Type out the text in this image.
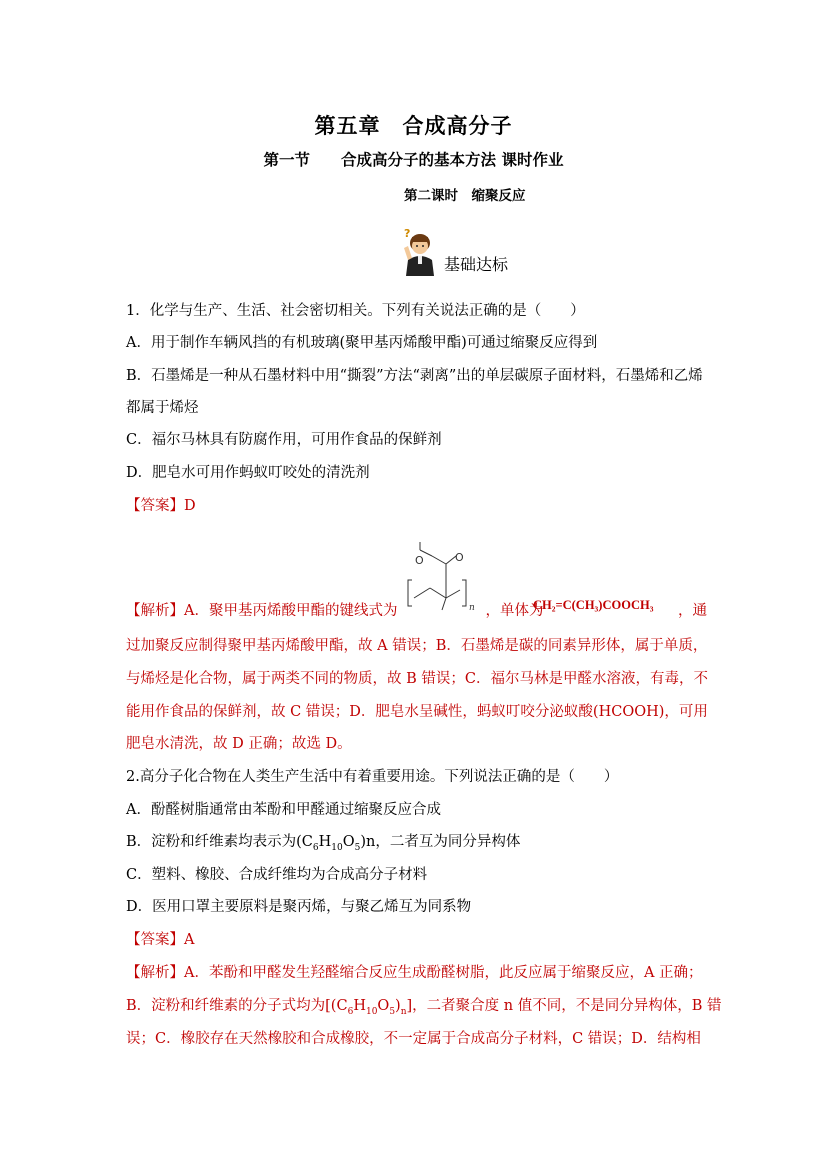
第五章　合成高分子
第一节　　合成高分子的基本方法 课时作业
第二课时　缩聚反应
?
基础达标
1．化学与生产、生活、社会密切相关。下列有关说法正确的是（　　）
A．用于制作车辆风挡的有机玻璃(聚甲基丙烯酸甲酯)可通过缩聚反应得到
B．石墨烯是一种从石墨材料中用“撕裂”方法“剥离”出的单层碳原子面材料，石墨烯和乙烯
都属于烯烃
C．福尔马林具有防腐作用，可用作食品的保鲜剂
D．肥皂水可用作蚂蚁叮咬处的清洗剂
【答案】D
O	O
n
【解析】A．聚甲基丙烯酸甲酯的键线式为	，单体为
CH₂=C(CH₃)COOCH₃ ，通
过加聚反应制得聚甲基丙烯酸甲酯，故 A 错误；B．石墨烯是碳的同素异形体，属于单质，
与烯烃是化合物，属于两类不同的物质，故 B 错误；C．福尔马林是甲醛水溶液，有毒，不
能用作食品的保鲜剂，故 C 错误；D．肥皂水呈碱性，蚂蚁叮咬分泌蚁酸(HCOOH)，可用
肥皂水清洗，故 D 正确；故选 D。
2.高分子化合物在人类生产生活中有着重要用途。下列说法正确的是（　　）
A．酚醛树脂通常由苯酚和甲醛通过缩聚反应合成
B．淀粉和纤维素均表示为$(C_6H_{10}O_5)n$，二者互为同分异构体
C．塑料、橡胶、合成纤维均为合成高分子材料
D．医用口罩主要原料是聚丙烯，与聚乙烯互为同系物
【答案】A
【解析】A．苯酚和甲醛发生羟醛缩合反应生成酚醛树脂，此反应属于缩聚反应，A 正确；
B．淀粉和纤维素的分子式均为$[(C_6H_{10}O_5)_n]$，二者聚合度 n 值不同，不是同分异构体，B 错
误；C．橡胶存在天然橡胶和合成橡胶，不一定属于合成高分子材料，C 错误；D．结构相
